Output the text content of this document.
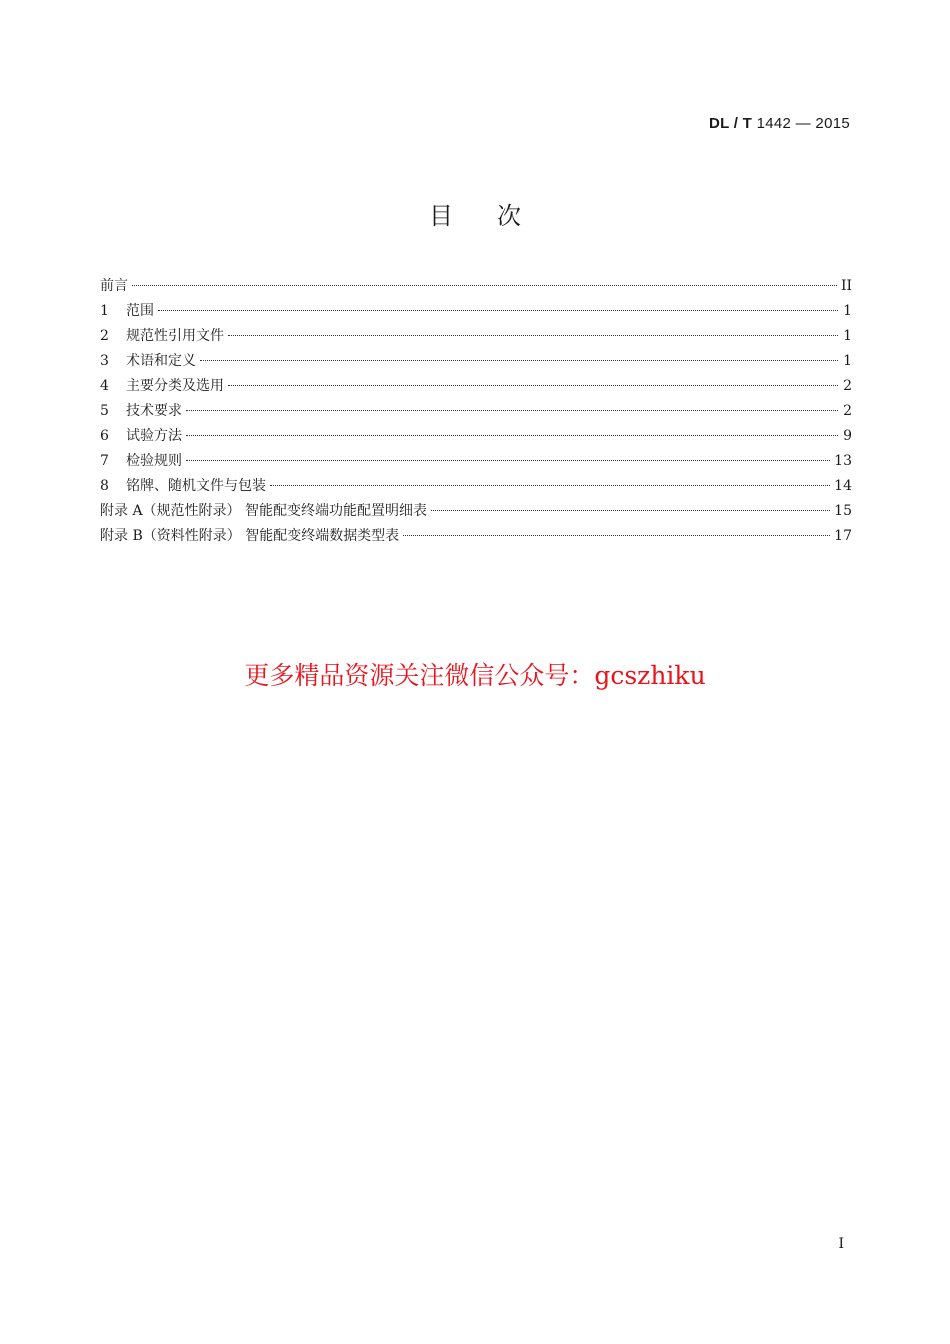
DL / T 1442 — 2015
目次
前言	II
1	范围	1
2	规范性引用文件	1
3	术语和定义	1
4	主要分类及选用	2
5	技术要求	2
6	试验方法	9
7	检验规则	13
8	铭牌、随机文件与包装	14
附录 A（规范性附录） 智能配变终端功能配置明细表	15
附录 B（资料性附录） 智能配变终端数据类型表	17
更多精品资源关注微信公众号：gcszhiku
I
